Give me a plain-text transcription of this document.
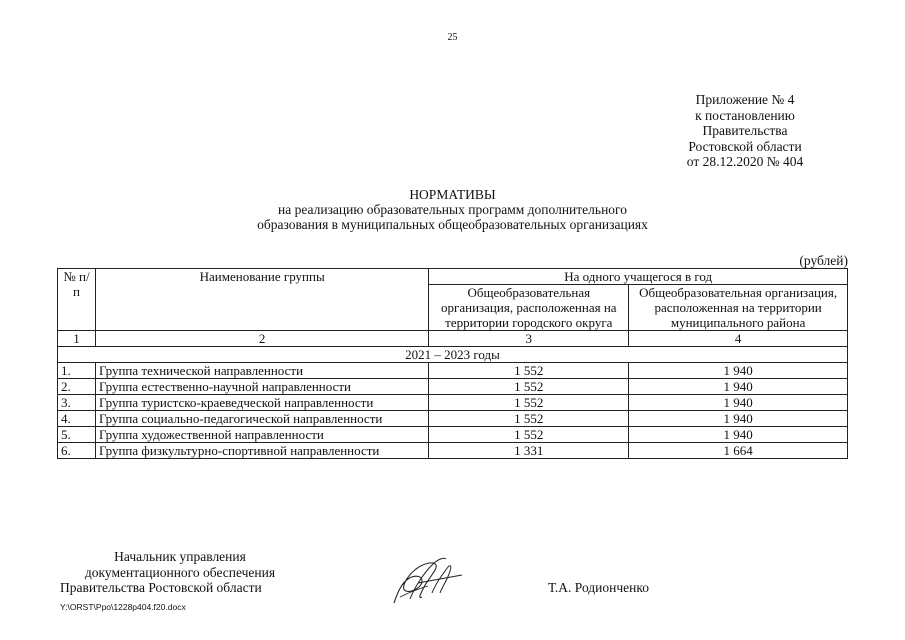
25
Приложение № 4
к постановлению
Правительства
Ростовской области
от 28.12.2020 № 404
НОРМАТИВЫ
на реализацию образовательных программ дополнительного
образования в муниципальных общеобразовательных организациях
(рублей)
№ п/п	Наименование группы	На одного учащегося в год	
		Общеобразовательная организация, расположенная на территории городского округа	Общеобразовательная организация, расположенная на территории муниципального района
1	2	3	4
2021 – 2023 годы			
1.	Группа технической направленности	1 552	1 940
2.	Группа естественно-научной направленности	1 552	1 940
3.	Группа туристско-краеведческой направленности	1 552	1 940
4.	Группа социально-педагогической направленности	1 552	1 940
5.	Группа художественной направленности	1 552	1 940
6.	Группа физкультурно-спортивной направленности	1 331	1 664
Начальник управления
документационного обеспечения
Правительства Ростовской области	Т.А. Родионченко
Y:\ORST\Ppo\1228p404.f20.docx
